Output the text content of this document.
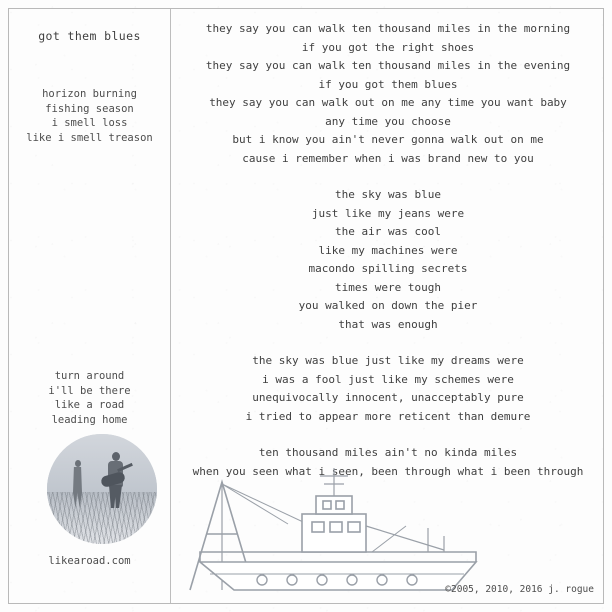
got them blues
horizon burning
fishing season
i smell loss
like i smell treason
turn around
i'll be there
like a road
leading home
likearoad.com
they say you can walk ten thousand miles in the morning
if you got the right shoes
they say you can walk ten thousand miles in the evening
if you got them blues
they say you can walk out on me any time you want baby
any time you choose
but i know you ain't never gonna walk out on me
cause i remember when i was brand new to you
the sky was blue
just like my jeans were
the air was cool
like my machines were
macondo spilling secrets
times were tough
you walked on down the pier
that was enough
the sky was blue just like my dreams were
i was a fool just like my schemes were
unequivocally innocent, unacceptably pure
i tried to appear more reticent than demure
ten thousand miles ain't no kinda miles
when you seen what i seen, been through what i been through
©2005, 2010, 2016 j. rogue
